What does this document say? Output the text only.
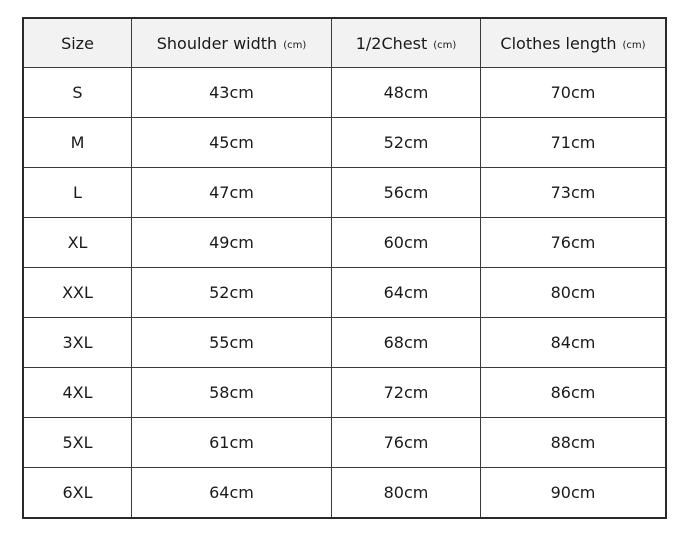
Size	Shoulder width (cm)	1/2Chest (cm)	Clothes length (cm)
S	43cm	48cm	70cm
M	45cm	52cm	71cm
L	47cm	56cm	73cm
XL	49cm	60cm	76cm
XXL	52cm	64cm	80cm
3XL	55cm	68cm	84cm
4XL	58cm	72cm	86cm
5XL	61cm	76cm	88cm
6XL	64cm	80cm	90cm
